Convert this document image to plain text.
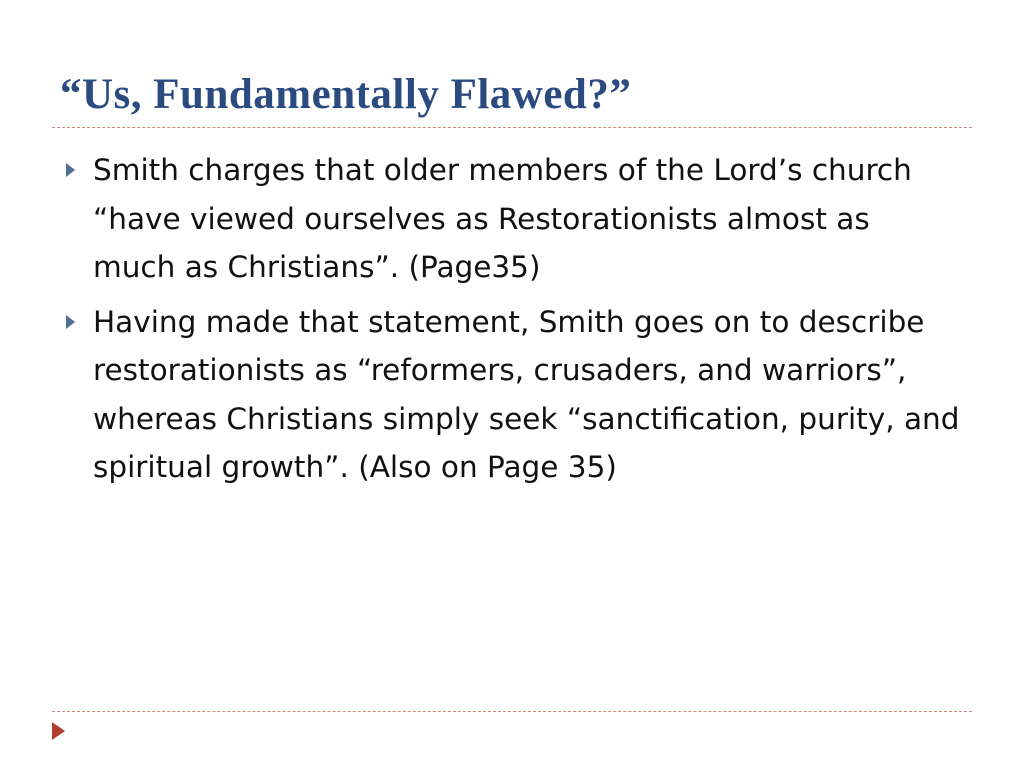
“Us, Fundamentally Flawed?”
Smith charges that older members of the Lord’s church “have viewed ourselves as Restorationists almost as much as Christians”. (Page35)
Having made that statement, Smith goes on to describe restorationists as “reformers, crusaders, and warriors”, whereas Christians simply seek “sanctification, purity, and spiritual growth”. (Also on Page 35)
